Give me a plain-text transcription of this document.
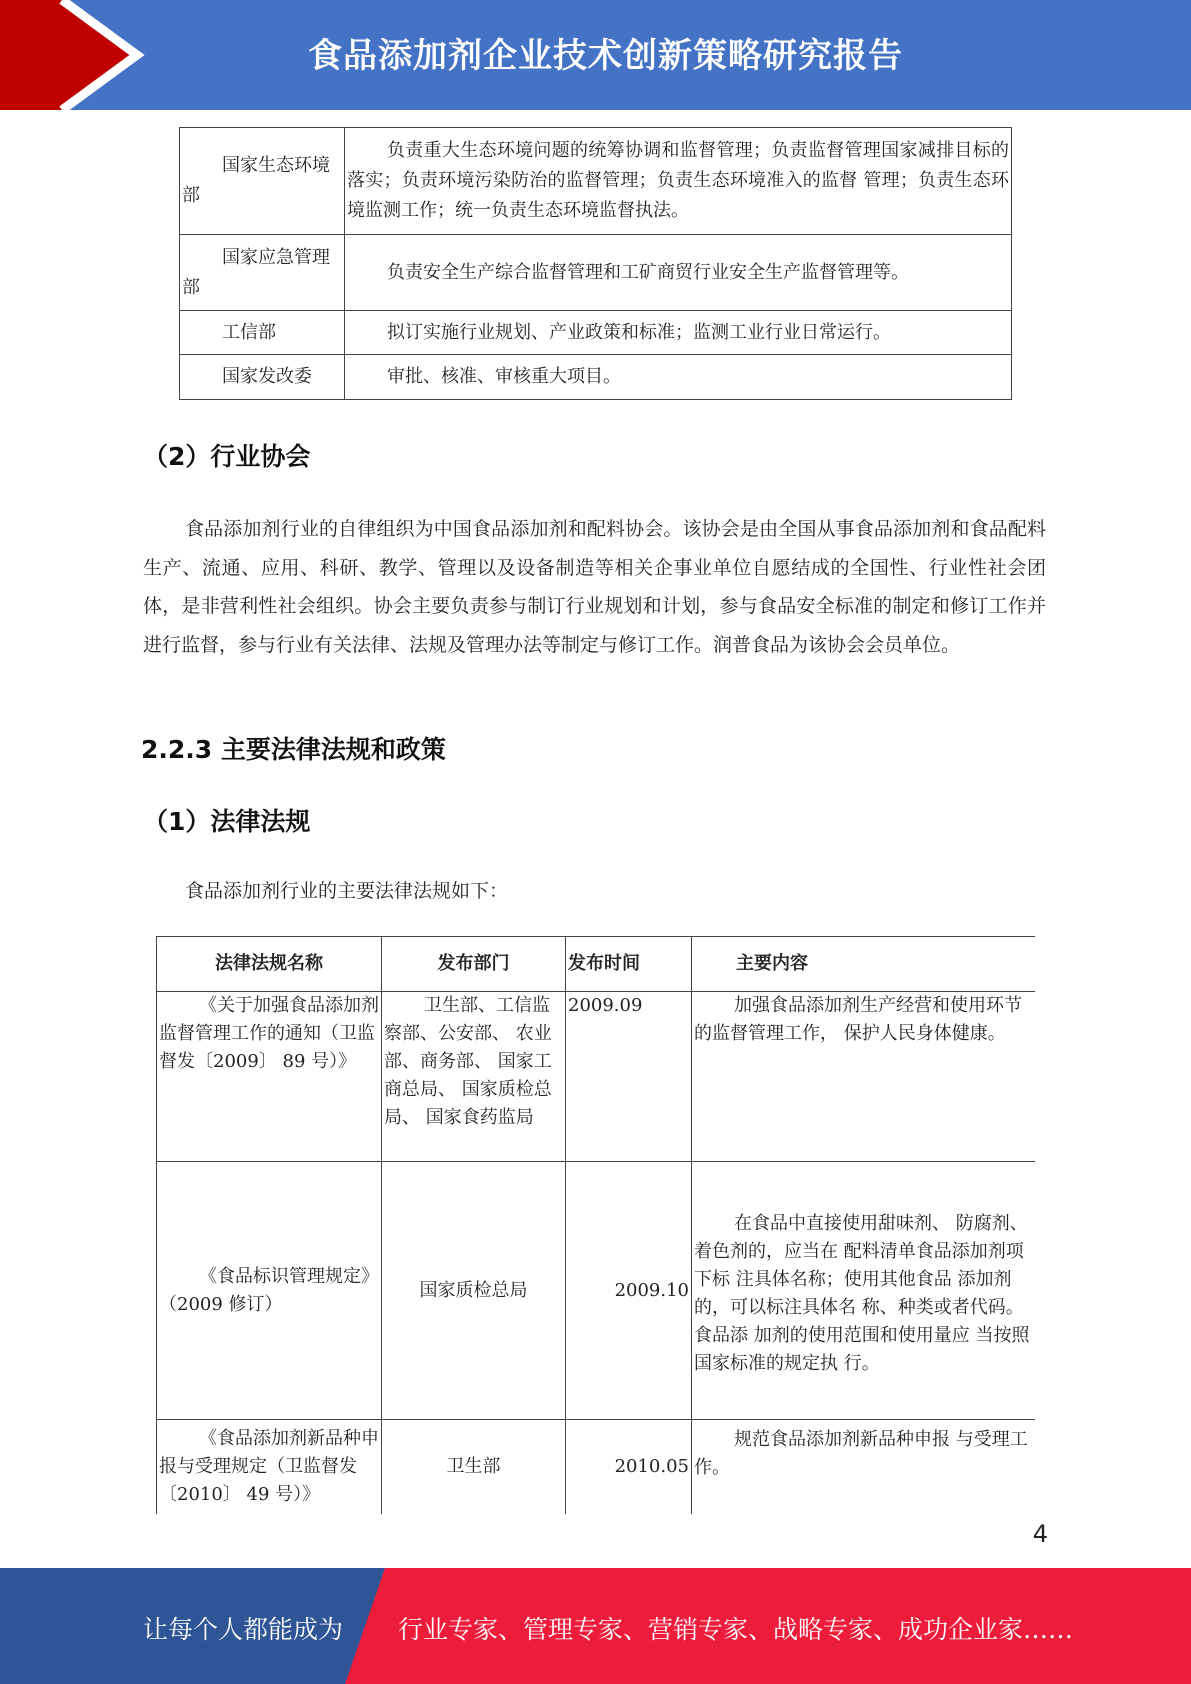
食品添加剂企业技术创新策略研究报告
国家生态环境部	负责重大生态环境问题的统筹协调和监督管理；负责监督管理国家减排目标的落实；负责环境污染防治的监督管理；负责生态环境准入的监督 管理；负责生态环境监测工作；统一负责生态环境监督执法。
国家应急管理部	负责安全生产综合监督管理和工矿商贸行业安全生产监督管理等。
工信部	拟订实施行业规划、产业政策和标准；监测工业行业日常运行。
国家发改委	审批、核准、审核重大项目。
（2）行业协会
食品添加剂行业的自律组织为中国食品添加剂和配料协会。该协会是由全国从事食品添加剂和食品配料生产、流通、应用、科研、教学、管理以及设备制造等相关企事业单位自愿结成的全国性、行业性社会团体，是非营利性社会组织。协会主要负责参与制订行业规划和计划，参与食品安全标准的制定和修订工作并进行监督，参与行业有关法律、法规及管理办法等制定与修订工作。润普食品为该协会会员单位。
2.2.3 主要法律法规和政策
（1）法律法规
食品添加剂行业的主要法律法规如下：
法律法规名称	发布部门	发布时间	主要内容
《关于加强食品添加剂监督管理工作的通知（卫监督发〔2009〕 89 号）》	卫生部、工信监察部、公安部、 农业部、商务部、 国家工商总局、 国家质检总局、 国家食药监局	2009.09	加强食品添加剂生产经营和使用环节的监督管理工作， 保护人民身体健康。
《食品标识管理规定》（2009 修订）	国家质检总局	2009.10	在食品中直接使用甜味剂、 防腐剂、着色剂的，应当在 配料清单食品添加剂项下标 注具体名称；使用其他食品 添加剂的，可以标注具体名 称、种类或者代码。食品添 加剂的使用范围和使用量应 当按照国家标准的规定执 行。
《食品添加剂新品种申 报与受理规定（卫监督发〔2010〕 49 号）》	卫生部	2010.05	规范食品添加剂新品种申报 与受理工作。
4
让每个人都能成为 行业专家、管理专家、营销专家、战略专家、成功企业家……
